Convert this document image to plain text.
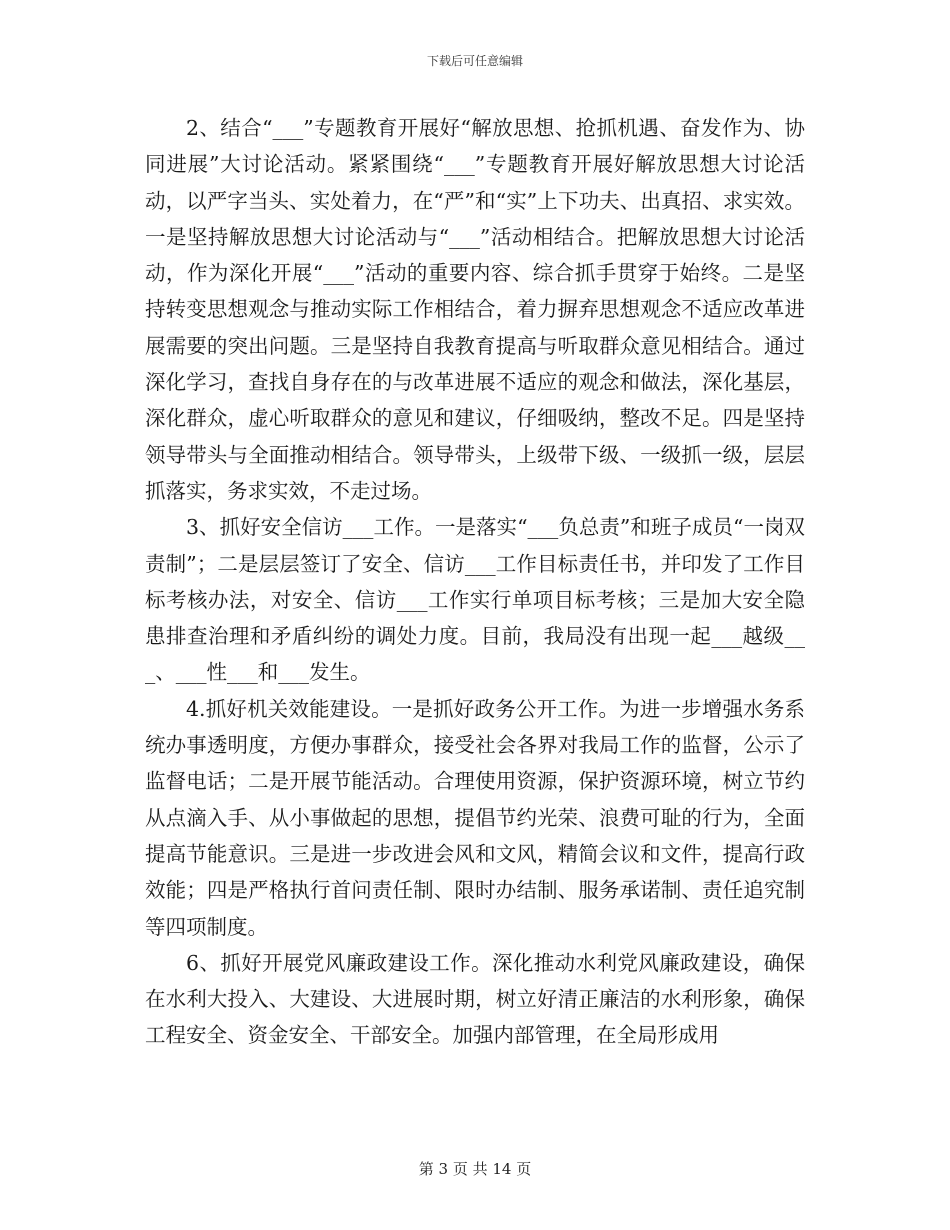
下载后可任意编辑

2、结合“___”专题教育开展好“解放思想、抢抓机遇、奋发作为、协同进展”大讨论活动。紧紧围绕“___”专题教育开展好解放思想大讨论活动，以严字当头、实处着力，在“严”和“实”上下功夫、出真招、求实效。一是坚持解放思想大讨论活动与“___”活动相结合。把解放思想大讨论活动，作为深化开展“___”活动的重要内容、综合抓手贯穿于始终。二是坚持转变思想观念与推动实际工作相结合，着力摒弃思想观念不适应改革进展需要的突出问题。三是坚持自我教育提高与听取群众意见相结合。通过深化学习，查找自身存在的与改革进展不适应的观念和做法，深化基层，深化群众，虚心听取群众的意见和建议，仔细吸纳，整改不足。四是坚持领导带头与全面推动相结合。领导带头，上级带下级、一级抓一级，层层抓落实，务求实效，不走过场。

3、抓好安全信访___工作。一是落实“___负总责”和班子成员“一岗双责制”；二是层层签订了安全、信访___工作目标责任书，并印发了工作目标考核办法，对安全、信访___工作实行单项目标考核；三是加大安全隐患排查治理和矛盾纠纷的调处力度。目前，我局没有出现一起___越级___、___性___和___发生。

4.抓好机关效能建设。一是抓好政务公开工作。为进一步增强水务系统办事透明度，方便办事群众，接受社会各界对我局工作的监督，公示了监督电话；二是开展节能活动。合理使用资源，保护资源环境，树立节约从点滴入手、从小事做起的思想，提倡节约光荣、浪费可耻的行为，全面提高节能意识。三是进一步改进会风和文风，精简会议和文件，提高行政效能；四是严格执行首问责任制、限时办结制、服务承诺制、责任追究制等四项制度。

6、抓好开展党风廉政建设工作。深化推动水利党风廉政建设，确保在水利大投入、大建设、大进展时期，树立好清正廉洁的水利形象，确保工程安全、资金安全、干部安全。加强内部管理，在全局形成用

第 3 页 共 14 页
